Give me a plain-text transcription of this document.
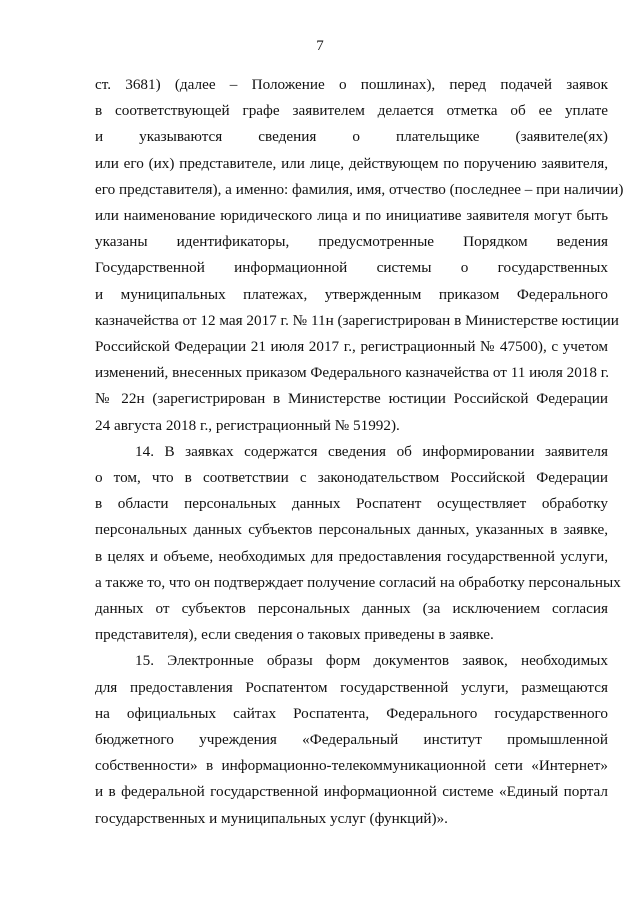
7
ст. 3681) (далее – Положение о пошлинах), перед подачей заявок
в соответствующей графе заявителем делается отметка об ее уплате
и указываются сведения о плательщике (заявителе(ях)
или его (их) представителе, или лице, действующем по поручению заявителя,
его представителя), а именно: фамилия, имя, отчество (последнее – при наличии)
или наименование юридического лица и по инициативе заявителя могут быть
указаны идентификаторы, предусмотренные Порядком ведения
Государственной информационной системы о государственных
и муниципальных платежах, утвержденным приказом Федерального
казначейства от 12 мая 2017 г. № 11н (зарегистрирован в Министерстве юстиции
Российской Федерации 21 июля 2017 г., регистрационный № 47500), с учетом
изменений, внесенных приказом Федерального казначейства от 11 июля 2018 г.
№ 22н (зарегистрирован в Министерстве юстиции Российской Федерации
24 августа 2018 г., регистрационный № 51992).
14. В заявках содержатся сведения об информировании заявителя
о том, что в соответствии с законодательством Российской Федерации
в области персональных данных Роспатент осуществляет обработку
персональных данных субъектов персональных данных, указанных в заявке,
в целях и объеме, необходимых для предоставления государственной услуги,
а также то, что он подтверждает получение согласий на обработку персональных
данных от субъектов персональных данных (за исключением согласия
представителя), если сведения о таковых приведены в заявке.
15. Электронные образы форм документов заявок, необходимых
для предоставления Роспатентом государственной услуги, размещаются
на официальных сайтах Роспатента, Федерального государственного
бюджетного учреждения «Федеральный институт промышленной
собственности» в информационно-телекоммуникационной сети «Интернет»
и в федеральной государственной информационной системе «Единый портал
государственных и муниципальных услуг (функций)».
